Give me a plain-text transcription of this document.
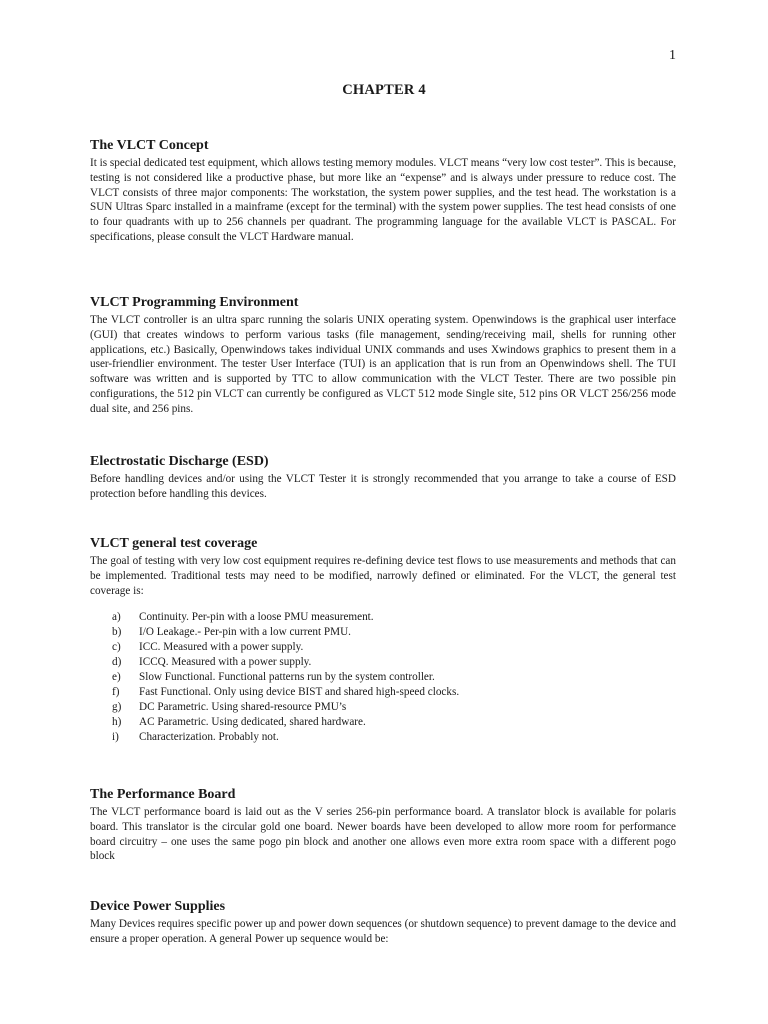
1
CHAPTER 4
The VLCT Concept

It is special dedicated test equipment, which allows testing memory modules. VLCT means “very low cost tester”. This is because, testing is not considered like a productive phase, but more like an “expense” and is always under pressure to reduce cost. The VLCT consists of three major components: The workstation, the system power supplies, and the test head. The workstation is a SUN Ultras Sparc installed in a mainframe (except for the terminal) with the system power supplies. The test head consists of one to four quadrants with up to 256 channels per quadrant. The programming language for the available VLCT is PASCAL. For specifications, please consult the VLCT Hardware manual.

VLCT Programming Environment

The VLCT controller is an ultra sparc running the solaris UNIX operating system. Openwindows is the graphical user interface (GUI) that creates windows to perform various tasks (file management, sending/receiving mail, shells for running other applications, etc.) Basically, Openwindows takes individual UNIX commands and uses Xwindows graphics to present them in a user-friendlier environment. The tester User Interface (TUI) is an application that is run from an Openwindows shell. The TUI software was written and is supported by TTC to allow communication with the VLCT Tester. There are two possible pin configurations, the 512 pin VLCT can currently be configured as VLCT 512 mode Single site, 512 pins OR VLCT 256/256 mode dual site, and 256 pins.

Electrostatic Discharge (ESD)

Before handling devices and/or using the VLCT Tester it is strongly recommended that you arrange to take a course of ESD protection before handling this devices.

VLCT general test coverage

The goal of testing with very low cost equipment requires re-defining device test flows to use measurements and methods that can be implemented. Traditional tests may need to be modified, narrowly defined or eliminated. For the VLCT, the general test coverage is:

a)	Continuity. Per-pin with a loose PMU measurement.
b)	I/O Leakage.- Per-pin with a low current PMU.
c)	ICC. Measured with a power supply.
d)	ICCQ. Measured with a power supply.
e)	Slow Functional. Functional patterns run by the system controller.
f)	Fast Functional. Only using device BIST and shared high-speed clocks.
g)	DC Parametric. Using shared-resource PMU’s
h)	AC Parametric. Using dedicated, shared hardware.
i)	Characterization. Probably not.
The Performance Board

The VLCT performance board is laid out as the V series 256-pin performance board. A translator block is available for polaris board. This translator is the circular gold one board. Newer boards have been developed to allow more room for performance board circuitry – one uses the same pogo pin block and another one allows even more extra room space with a different pogo block

Device Power Supplies

Many Devices requires specific power up and power down sequences (or shutdown sequence) to prevent damage to the device and ensure a proper operation. A general Power up sequence would be:
